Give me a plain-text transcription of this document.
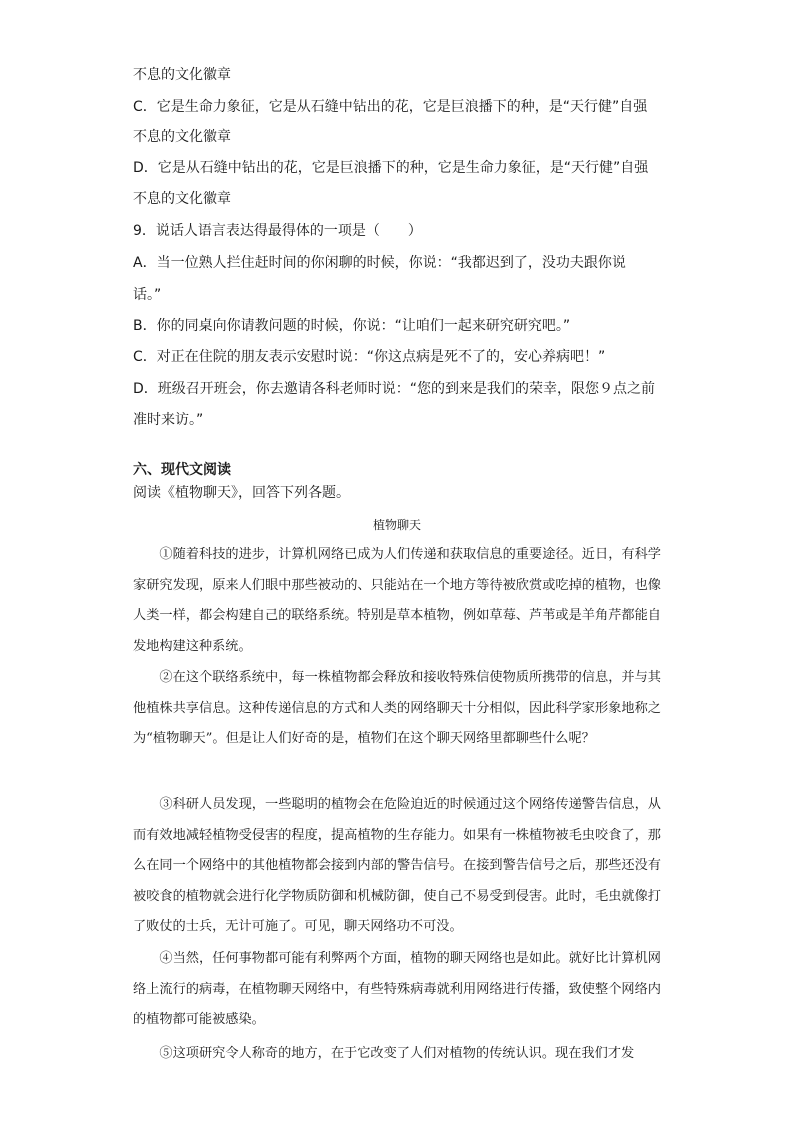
不息的文化徽章
C．它是生命力象征，它是从石缝中钻出的花，它是巨浪播下的种，是“天行健”自强
不息的文化徽章
D．它是从石缝中钻出的花，它是巨浪播下的种，它是生命力象征，是“天行健”自强
不息的文化徽章
9．说话人语言表达得最得体的一项是（　　）
A．当一位熟人拦住赶时间的你闲聊的时候，你说：“我都迟到了，没功夫跟你说
话。”
B．你的同桌向你请教问题的时候，你说：“让咱们一起来研究研究吧。”
C．对正在住院的朋友表示安慰时说：“你这点病是死不了的，安心养病吧！”
D．班级召开班会，你去邀请各科老师时说：“您的到来是我们的荣幸，限您９点之前
准时来访。”
六、现代文阅读
阅读《植物聊天》，回答下列各题。
植物聊天

①随着科技的进步，计算机网络已成为人们传递和获取信息的重要途径。近日，有科学家研究发现，原来人们眼中那些被动的、只能站在一个地方等待被欣赏或吃掉的植物，也像人类一样，都会构建自己的联络系统。特别是草本植物，例如草莓、芦苇或是羊角芹都能自发地构建这种系统。

②在这个联络系统中，每一株植物都会释放和接收特殊信使物质所携带的信息，并与其他植株共享信息。这种传递信息的方式和人类的网络聊天十分相似，因此科学家形象地称之为“植物聊天”。但是让人们好奇的是，植物们在这个聊天网络里都聊些什么呢？

③科研人员发现，一些聪明的植物会在危险迫近的时候通过这个网络传递警告信息，从而有效地减轻植物受侵害的程度，提高植物的生存能力。如果有一株植物被毛虫咬食了，那么在同一个网络中的其他植物都会接到内部的警告信号。在接到警告信号之后，那些还没有被咬食的植物就会进行化学物质防御和机械防御，使自己不易受到侵害。此时，毛虫就像打了败仗的士兵，无计可施了。可见，聊天网络功不可没。

④当然，任何事物都可能有利弊两个方面，植物的聊天网络也是如此。就好比计算机网络上流行的病毒，在植物聊天网络中，有些特殊病毒就利用网络进行传播，致使整个网络内的植物都可能被感染。

⑤这项研究令人称奇的地方，在于它改变了人们对植物的传统认识。现在我们才发
